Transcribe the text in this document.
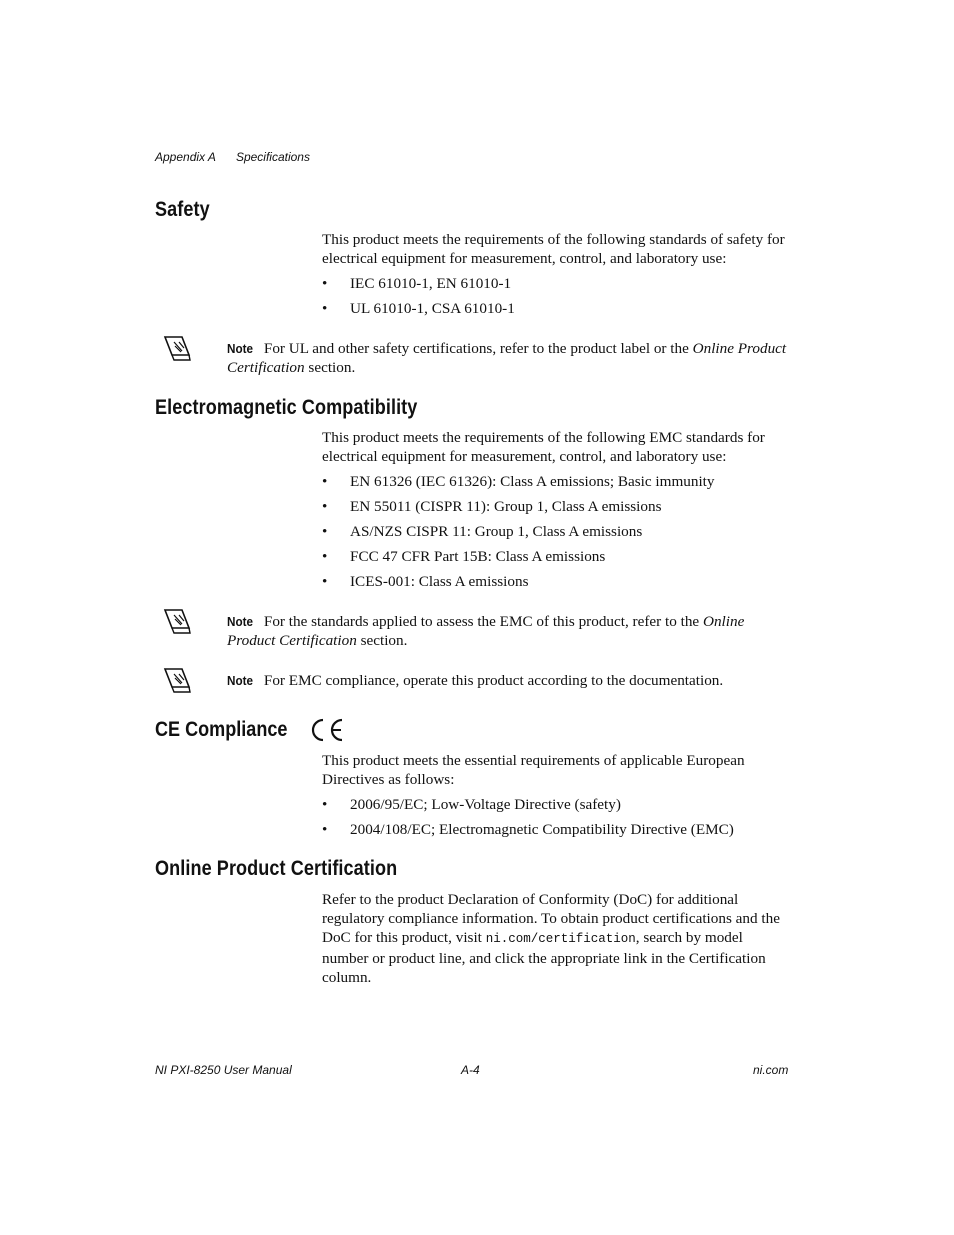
Appendix A Specifications
Safety
This product meets the requirements of the following standards of safety for electrical equipment for measurement, control, and laboratory use:
• IEC 61010-1, EN 61010-1
• UL 61010-1, CSA 61010-1
Note For UL and other safety certifications, refer to the product label or the Online Product Certification section.
Electromagnetic Compatibility
This product meets the requirements of the following EMC standards for electrical equipment for measurement, control, and laboratory use:
• EN 61326 (IEC 61326): Class A emissions; Basic immunity
• EN 55011 (CISPR 11): Group 1, Class A emissions
• AS/NZS CISPR 11: Group 1, Class A emissions
• FCC 47 CFR Part 15B: Class A emissions
• ICES-001: Class A emissions
Note For the standards applied to assess the EMC of this product, refer to the Online Product Certification section.
Note For EMC compliance, operate this product according to the documentation.
CE Compliance
This product meets the essential requirements of applicable European Directives as follows:
• 2006/95/EC; Low-Voltage Directive (safety)
• 2004/108/EC; Electromagnetic Compatibility Directive (EMC)
Online Product Certification
Refer to the product Declaration of Conformity (DoC) for additional regulatory compliance information. To obtain product certifications and the DoC for this product, visit ni.com/certification, search by model number or product line, and click the appropriate link in the Certification column.
NI PXI-8250 User Manual	A-4	ni.com
